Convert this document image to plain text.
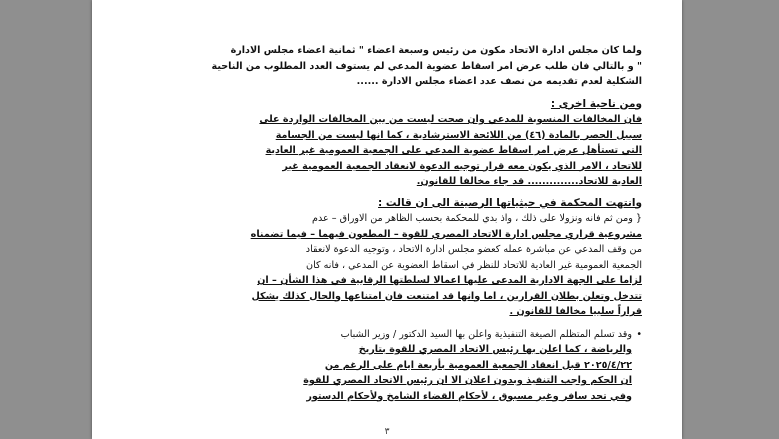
ولما كان مجلس ادارة الاتحاد مكون من رئيس وسبعة اعضاء " ثمانية اعضاء مجلس الادارة

" و بالتالي فان طلب عرض امر اسقاط عضوية المدعي لم يستوف العدد المطلوب من الناحية

الشكلية لعدم تقديمه من نصف عدد اعضاء مجلس الادارة ......

ومن ناحية اخرى :

فان المخالفات المنسوبة للمدعي وان صحت ليست من بين المخالفات الواردة على

سبيل الحصر بالمادة (٤٦) من اللائحة الاسترشادية ، كما انها ليست من الجسامة

التي تستأهل عرض امر اسقاط عضوية المدعي على الجمعية العمومية غير العادية

للاتحاد ، الامر الذي يكون معه قرار توجيه الدعوة لانعقاد الجمعية العمومية غير

العادية للاتحاد.............. قد جاء مخالفا للقانون.

وانتهت المحكمة في حيثياتها الرصينة الى ان قالت :

{ ومن ثم فانه ونزولا على ذلك ، واذ بدي للمحكمة بحسب الظاهر من الاوراق – عدم

مشروعية قراري مجلس ادارة الاتحاد المصري للقوة – المطعون فيهما – فيما تضمناه

من وقف المدعي عن مباشرة عمله كعضو مجلس ادارة الاتحاد ، وتوجيه الدعوة لانعقاد

الجمعية العمومية غير العادية للاتحاد للنظر في اسقاط العضوية عن المدعي ، فانه كان

لزاما على الجهة الادارية المدعى عليها اعمالا لسلطتها الرقابية في هذا الشأن – ان

تتدخل وتعلن بطلان القرارين ، اما وانها قد امتنعت فان امتناعها والحال كذلك يشكل

قراراً سلبيا مخالفا للقانون .

•

وقد تسلم المتظلم الصيغة التنفيذية واعلن بها السيد الدكتور / وزير الشباب

والرياضة ، كما اعلن بها رئيس الاتحاد المصري للقوة بتاريخ

٢٠٢٥/٤/٢٢ قبل انعقاد الجمعية العمومية بأربعة ايام على الرغم من

ان الحكم واجب التنفيذ وبدون اعلان الا ان رئيس الاتحاد المصري للقوة

وفي تحد سافر وغير مسبوق ، لأحكام القضاء الشامخ ولأحكام الدستور

٣
